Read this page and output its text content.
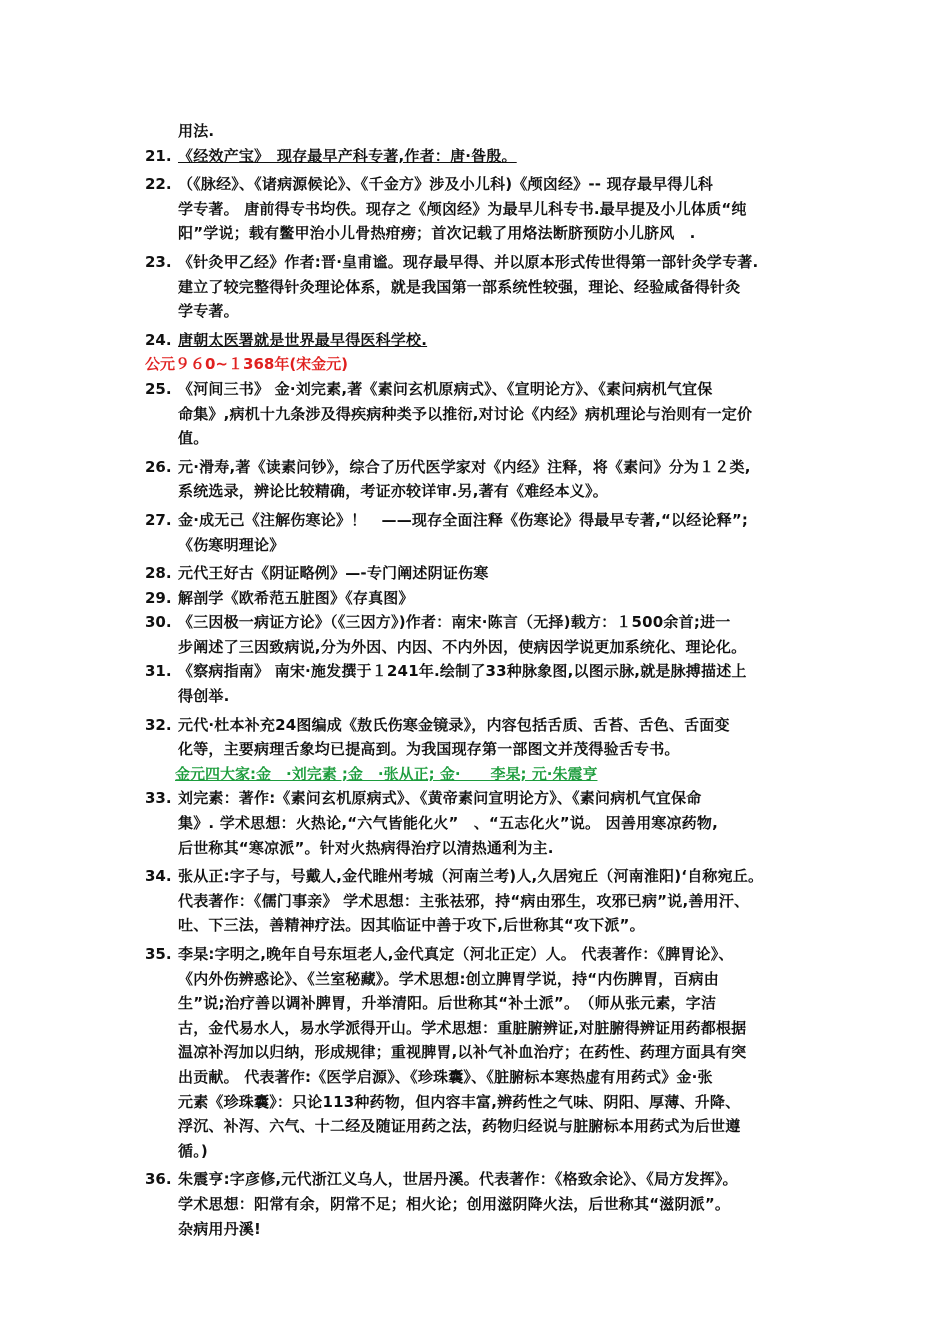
用法.
21. 《经效产宝》　现存最早产科专著,作者：唐·昝殷。
22. （《脉经》、《诸病源候论》、《千金方》涉及小儿科)《颅囟经》-- 现存最早得儿科
学专著。 唐前得专书均佚。现存之《颅囟经》为最早儿科专书.最早提及小儿体质“纯
阳”学说；载有鳖甲治小儿骨热疳痨；首次记载了用烙法断脐预防小儿脐风　.
23. 《针灸甲乙经》作者:晋·皇甫谧。现存最早得、并以原本形式传世得第一部针灸学专著.
建立了较完整得针灸理论体系，就是我国第一部系统性较强，理论、经验咸备得针灸
学专著。
24. 唐朝太医署就是世界最早得医科学校.
公元９６0~１368年(宋金元)
25. 《河间三书》 金·刘完素,著《素问玄机原病式》、《宣明论方》、《素问病机气宜保
命集》,病机十九条涉及得疾病种类予以推衍,对讨论《内经》病机理论与治则有一定价
值。
26. 元·滑寿,著《读素问钞》，综合了历代医学家对《内经》注释，将《素问》分为１２类,
系统选录，辨论比较精确，考证亦较详审.另,著有《难经本义》。
27. 金·成无己《注解伤寒论》！　——现存全面注释《伤寒论》得最早专著,“以经论释”;
《伤寒明理论》
28. 元代王好古《阴证略例》—-专门阐述阴证伤寒
29. 解剖学《欧希范五脏图》《存真图》
30. 《三因极一病证方论》（《三因方》)作者：南宋·陈言（无择)载方：１500余首;进一
步阐述了三因致病说,分为外因、内因、不内外因，使病因学说更加系统化、理论化。
31. 《察病指南》 南宋·施发撰于１241年.绘制了33种脉象图,以图示脉,就是脉搏描述上
得创举.
32. 元代·杜本补充24图编成《敖氏伤寒金镜录》，内容包括舌质、舌苔、舌色、舌面变
化等，主要病理舌象均已提高到。为我国现存第一部图文并茂得验舌专书。
金元四大家:金　·刘完素 ;金　·张从正; 金·　　李杲; 元·朱震亨
33. 刘完素：著作:《素问玄机原病式》、《黄帝素问宣明论方》、《素问病机气宜保命
集》. 学术思想：火热论,“六气皆能化火”　、“五志化火”说。 因善用寒凉药物,
后世称其“寒凉派”。针对火热病得治疗以清热通利为主.
34. 张从正:字子与，号戴人,金代睢州考城（河南兰考)人,久居宛丘（河南淮阳)‘自称宛丘。
代表著作：《儒门事亲》 学术思想：主张祛邪，持“病由邪生，攻邪已病”说,善用汗、
吐、下三法，善精神疗法。因其临证中善于攻下,后世称其“攻下派”。
35. 李杲:字明之,晚年自号东垣老人,金代真定（河北正定）人。 代表著作：《脾胃论》、
《内外伤辨惑论》、《兰室秘藏》。学术思想:创立脾胃学说，持“内伤脾胃，百病由
生”说;治疗善以调补脾胃，升举清阳。后世称其“补土派”。　（师从张元素，字洁
古，金代易水人，易水学派得开山。学术思想：重脏腑辨证,对脏腑得辨证用药都根据
温凉补泻加以归纳，形成规律；重视脾胃,以补气补血治疗；在药性、药理方面具有突
出贡献。 代表著作:《医学启源》、《珍珠囊》、《脏腑标本寒热虚有用药式》金·张
元素《珍珠囊》：只论113种药物，但内容丰富,辨药性之气味、阴阳、厚薄、升降、
浮沉、补泻、六气、十二经及随证用药之法，药物归经说与脏腑标本用药式为后世遵
循。)
36. 朱震亨:字彦修,元代浙江义乌人，世居丹溪。代表著作：《格致余论》、《局方发挥》。
学术思想：阳常有余，阴常不足；相火论；创用滋阴降火法，后世称其“滋阴派”。
杂病用丹溪!
